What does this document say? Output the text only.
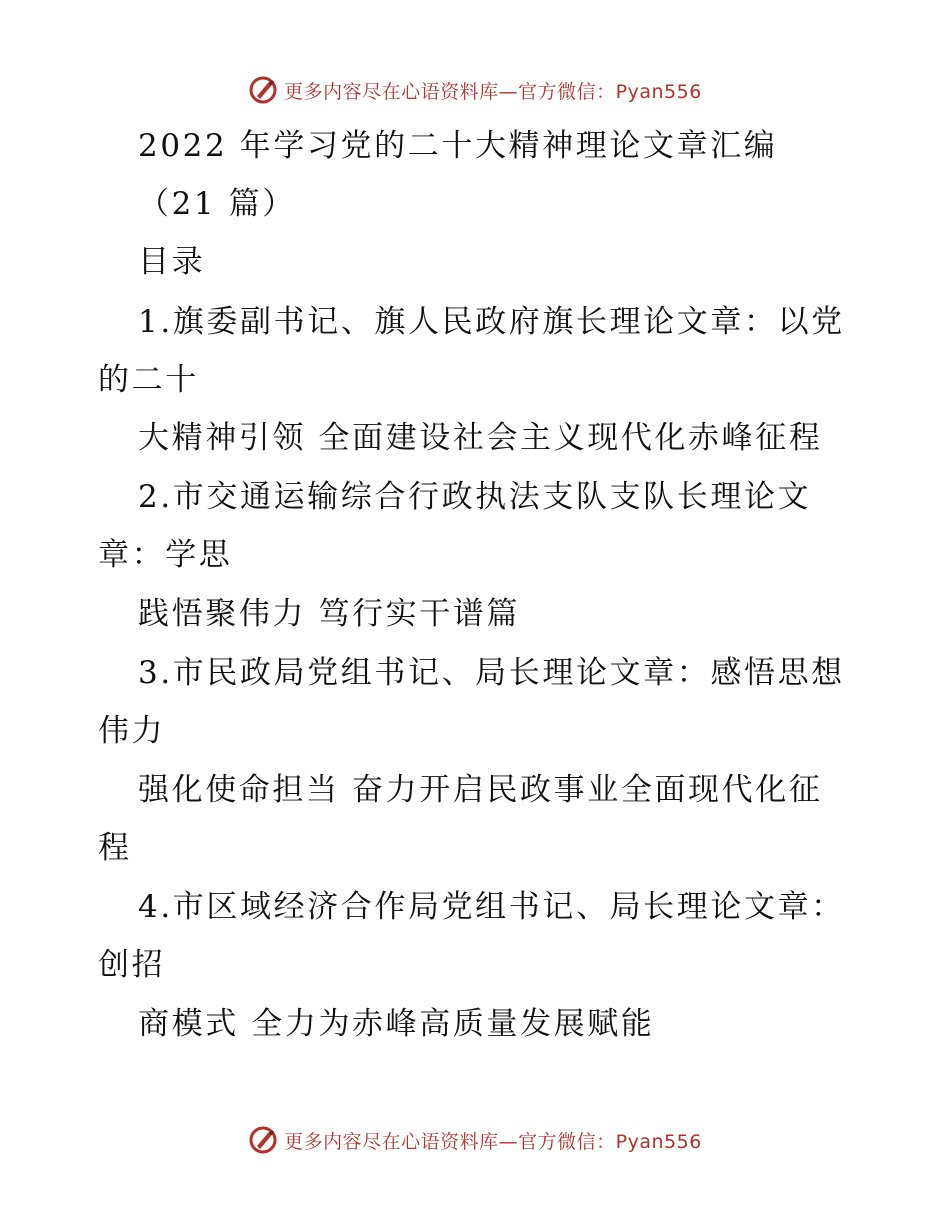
更多内容尽在心语资料库—官方微信：Pyan556
2022 年学习党的二十大精神理论文章汇编
（21 篇）
目录
1.旗委副书记、旗人民政府旗长理论文章：以党
的二十
大精神引领 全面建设社会主义现代化赤峰征程
2.市交通运输综合行政执法支队支队长理论文
章：学思
践悟聚伟力 笃行实干谱篇
3.市民政局党组书记、局长理论文章：感悟思想
伟力
强化使命担当 奋力开启民政事业全面现代化征
程
4.市区域经济合作局党组书记、局长理论文章：
创招
商模式 全力为赤峰高质量发展赋能
更多内容尽在心语资料库—官方微信：Pyan556
